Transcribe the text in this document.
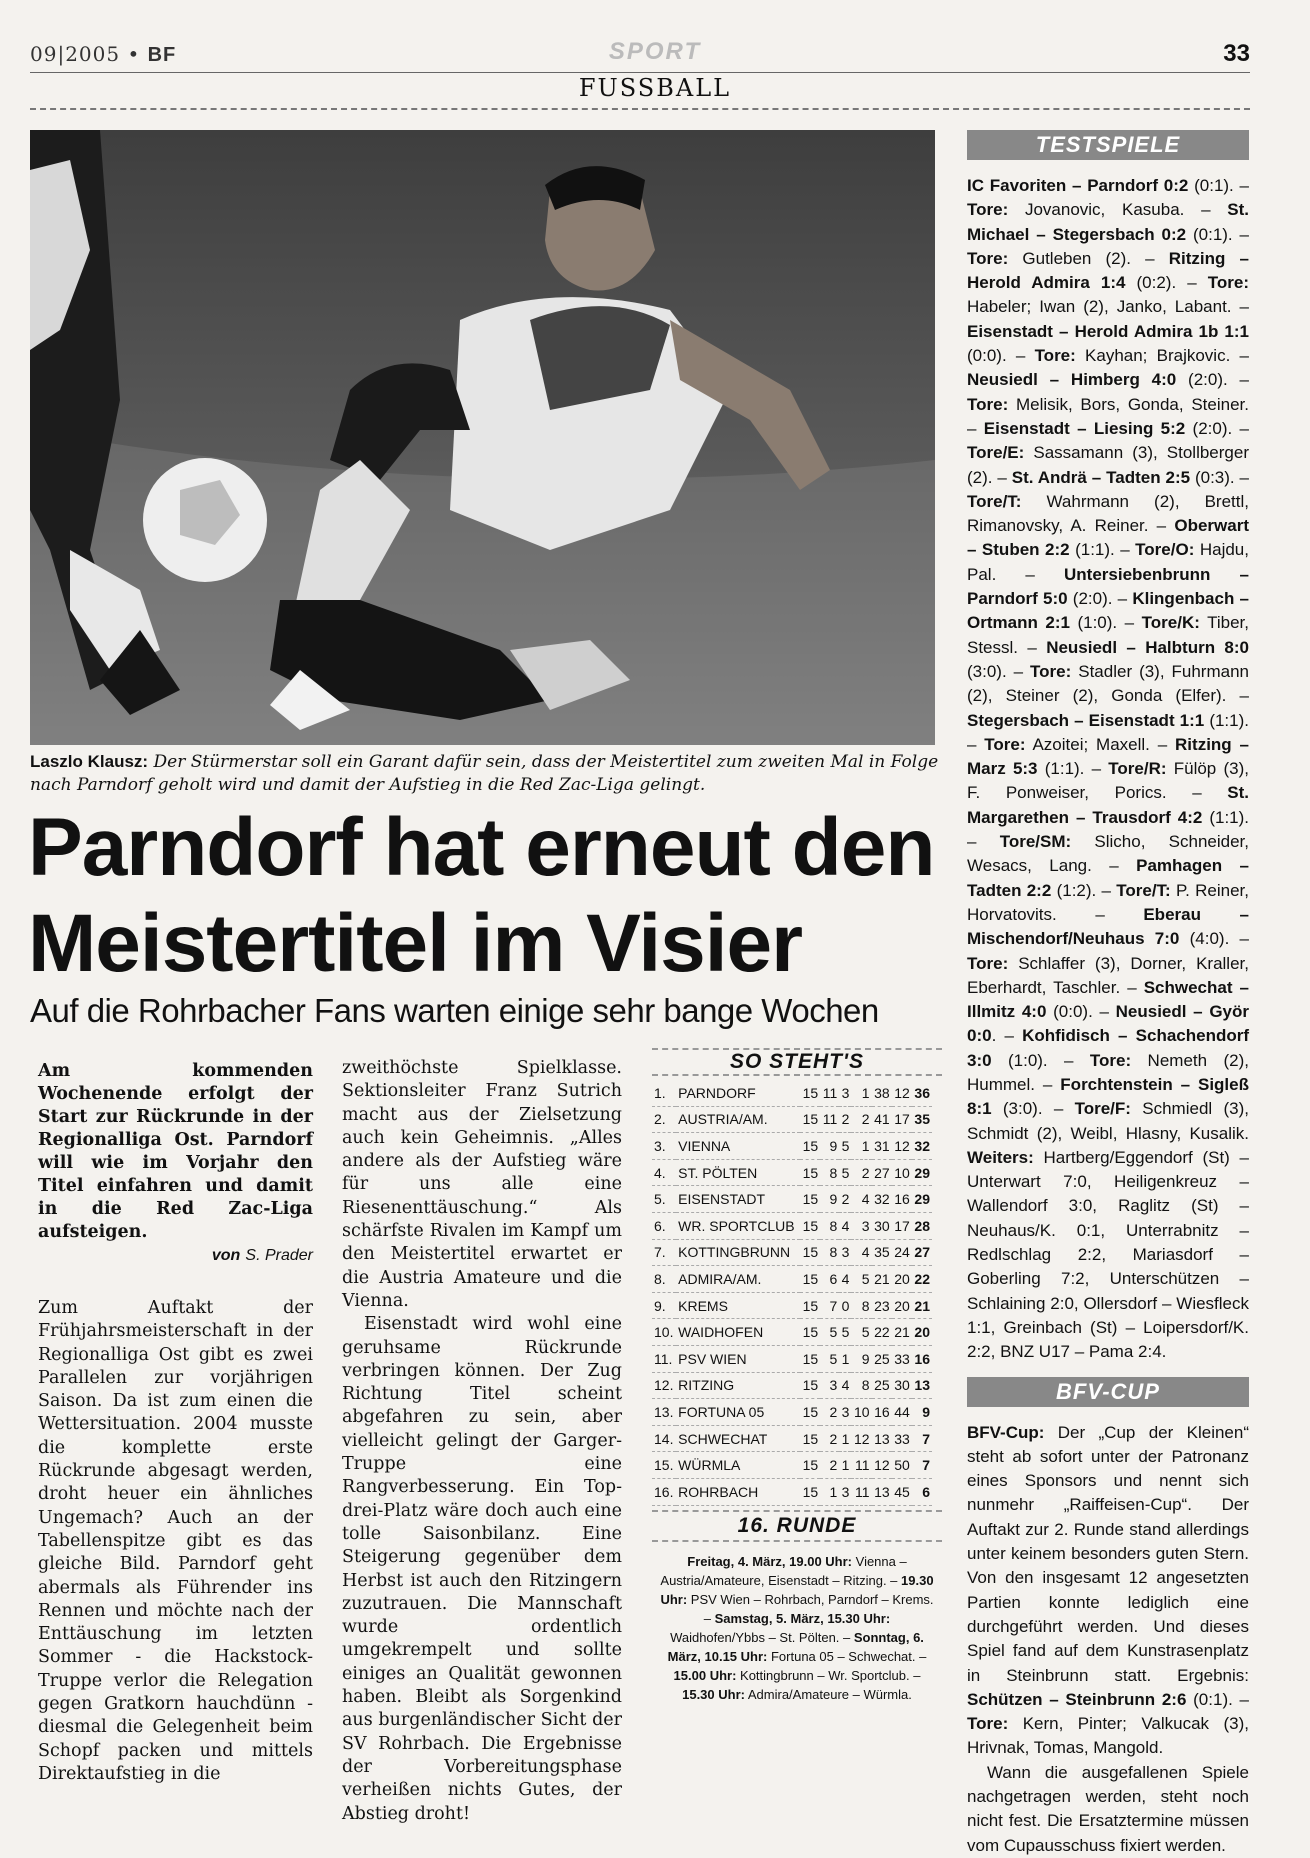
09|2005 • BF	SPORT	33
FUSSBALL
Laszlo Klausz: Der Stürmerstar soll ein Garant dafür sein, dass der Meistertitel zum zweiten Mal in Folge nach Parndorf geholt wird und damit der Aufstieg in die Red Zac-Liga gelingt.
Parndorf hat erneut den Meistertitel im Visier
Auf die Rohrbacher Fans warten einige sehr bange Wochen
Am kommenden Wochenende erfolgt der Start zur Rückrunde in der Regionalliga Ost. Parndorf will wie im Vorjahr den Titel einfahren und damit in die Red Zac-Liga aufsteigen.
von S. Prader
Zum Auftakt der Frühjahrsmeisterschaft in der Regionalliga Ost gibt es zwei Parallelen zur vorjährigen Saison. Da ist zum einen die Wettersituation. 2004 musste die komplette erste Rückrunde abgesagt werden, droht heuer ein ähnliches Ungemach? Auch an der Tabellenspitze gibt es das gleiche Bild. Parndorf geht abermals als Führender ins Rennen und möchte nach der Enttäuschung im letzten Sommer - die Hackstock-Truppe verlor die Relegation gegen Gratkorn hauchdünn - diesmal die Gelegenheit beim Schopf packen und mittels Direktaufstieg in die

zweithöchste Spielklasse. Sektionsleiter Franz Sutrich macht aus der Zielsetzung auch kein Geheimnis. „Alles andere als der Aufstieg wäre für uns alle eine Riesenenttäuschung.“ Als schärfste Rivalen im Kampf um den Meistertitel erwartet er die Austria Amateure und die Vienna.

Eisenstadt wird wohl eine geruhsame Rückrunde verbringen können. Der Zug Richtung Titel scheint abgefahren zu sein, aber vielleicht gelingt der Garger-Truppe eine Rangverbesserung. Ein Top-drei-Platz wäre doch auch eine tolle Saisonbilanz. Eine Steigerung gegenüber dem Herbst ist auch den Ritzingern zuzutrauen. Die Mannschaft wurde ordentlich umgekrempelt und sollte einiges an Qualität gewonnen haben. Bleibt als Sorgenkind aus burgenländischer Sicht der SV Rohrbach. Die Ergebnisse der Vorbereitungsphase verheißen nichts Gutes, der Abstieg droht!

SO STEHT'S
1.	PARNDORF	15	11	3	1	38	12	36
2.	AUSTRIA/AM.	15	11	2	2	41	17	35
3.	VIENNA	15	9	5	1	31	12	32
4.	ST. PÖLTEN	15	8	5	2	27	10	29
5.	EISENSTADT	15	9	2	4	32	16	29
6.	WR. SPORTCLUB	15	8	4	3	30	17	28
7.	KOTTINGBRUNN	15	8	3	4	35	24	27
8.	ADMIRA/AM.	15	6	4	5	21	20	22
9.	KREMS	15	7	0	8	23	20	21
10.	WAIDHOFEN	15	5	5	5	22	21	20
11.	PSV WIEN	15	5	1	9	25	33	16
12.	RITZING	15	3	4	8	25	30	13
13.	FORTUNA 05	15	2	3	10	16	44	9
14.	SCHWECHAT	15	2	1	12	13	33	7
15.	WÜRMLA	15	2	1	11	12	50	7
16.	ROHRBACH	15	1	3	11	13	45	6
16. RUNDE
Freitag, 4. März, 19.00 Uhr: Vienna – Austria/Amateure, Eisenstadt – Ritzing. – 19.30 Uhr: PSV Wien – Rohrbach, Parndorf – Krems. – Samstag, 5. März, 15.30 Uhr: Waidhofen/Ybbs – St. Pölten. – Sonntag, 6. März, 10.15 Uhr: Fortuna 05 – Schwechat. – 15.00 Uhr: Kottingbrunn – Wr. Sportclub. – 15.30 Uhr: Admira/Amateure – Würmla.
TESTSPIELE
IC Favoriten – Parndorf 0:2 (0:1). – Tore: Jovanovic, Kasuba. – St. Michael – Stegersbach 0:2 (0:1). – Tore: Gutleben (2). – Ritzing – Herold Admira 1:4 (0:2). – Tore: Habeler; Iwan (2), Janko, Labant. – Eisenstadt – Herold Admira 1b 1:1 (0:0). – Tore: Kayhan; Brajkovic. – Neusiedl – Himberg 4:0 (2:0). – Tore: Melisik, Bors, Gonda, Steiner. – Eisenstadt – Liesing 5:2 (2:0). – Tore/E: Sassamann (3), Stollberger (2). – St. Andrä – Tadten 2:5 (0:3). – Tore/T: Wahrmann (2), Brettl, Rimanovsky, A. Reiner. – Oberwart – Stuben 2:2 (1:1). – Tore/O: Hajdu, Pal. – Untersiebenbrunn – Parndorf 5:0 (2:0). – Klingenbach – Ortmann 2:1 (1:0). – Tore/K: Tiber, Stessl. – Neusiedl – Halbturn 8:0 (3:0). – Tore: Stadler (3), Fuhrmann (2), Steiner (2), Gonda (Elfer). – Stegersbach – Eisenstadt 1:1 (1:1). – Tore: Azoitei; Maxell. – Ritzing – Marz 5:3 (1:1). – Tore/R: Fülöp (3), F. Ponweiser, Porics. – St. Margarethen – Trausdorf 4:2 (1:1). – Tore/SM: Slicho, Schneider, Wesacs, Lang. – Pamhagen – Tadten 2:2 (1:2). – Tore/T: P. Reiner, Horvatovits. – Eberau – Mischendorf/Neuhaus 7:0 (4:0). – Tore: Schlaffer (3), Dorner, Kraller, Eberhardt, Taschler. – Schwechat – Illmitz 4:0 (0:0). – Neusiedl – Györ 0:0. – Kohfidisch – Schachendorf 3:0 (1:0). – Tore: Nemeth (2), Hummel. – Forchtenstein – Sigleß 8:1 (3:0). – Tore/F: Schmiedl (3), Schmidt (2), Weibl, Hlasny, Kusalik. Weiters: Hartberg/Eggendorf (St) – Unterwart 7:0, Heiligenkreuz – Wallendorf 3:0, Raglitz (St) – Neuhaus/K. 0:1, Unterrabnitz – Redlschlag 2:2, Mariasdorf – Goberling 7:2, Unterschützen – Schlaining 2:0, Ollersdorf – Wiesfleck 1:1, Greinbach (St) – Loipersdorf/K. 2:2, BNZ U17 – Pama 2:4.
BFV-CUP

BFV-Cup: Der „Cup der Kleinen“ steht ab sofort unter der Patronanz eines Sponsors und nennt sich nunmehr „Raiffeisen-Cup“. Der Auftakt zur 2. Runde stand allerdings unter keinem besonders guten Stern. Von den insgesamt 12 angesetzten Partien konnte lediglich eine durchgeführt werden. Und dieses Spiel fand auf dem Kunstrasenplatz in Steinbrunn statt. Ergebnis: Schützen – Steinbrunn 2:6 (0:1). – Tore: Kern, Pinter; Valkucak (3), Hrivnak, Tomas, Mangold.

Wann die ausgefallenen Spiele nachgetragen werden, steht noch nicht fest. Die Ersatztermine müssen vom Cupausschuss fixiert werden.
